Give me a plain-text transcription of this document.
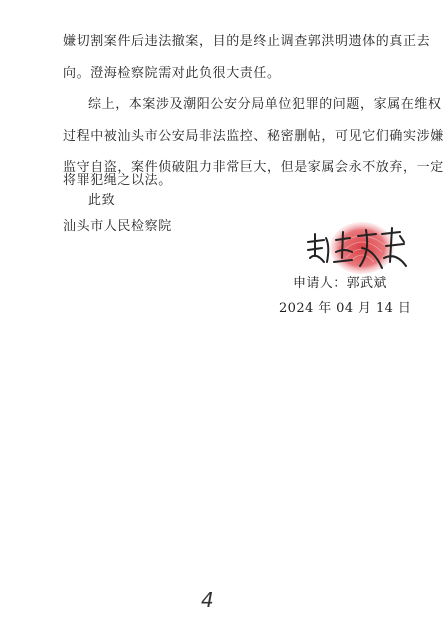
嫌切割案件后违法撤案，目的是终止调查郭洪明遗体的真正去
向。澄海检察院需对此负很大责任。
综上，本案涉及潮阳公安分局单位犯罪的问题，家属在维权
过程中被汕头市公安局非法监控、秘密删帖，可见它们确实涉嫌
监守自盗，案件侦破阻力非常巨大，但是家属会永不放弃，一定
将罪犯绳之以法。
此致
汕头市人民检察院
申请人：郭武斌
2024 年 04 月 14 日
4
